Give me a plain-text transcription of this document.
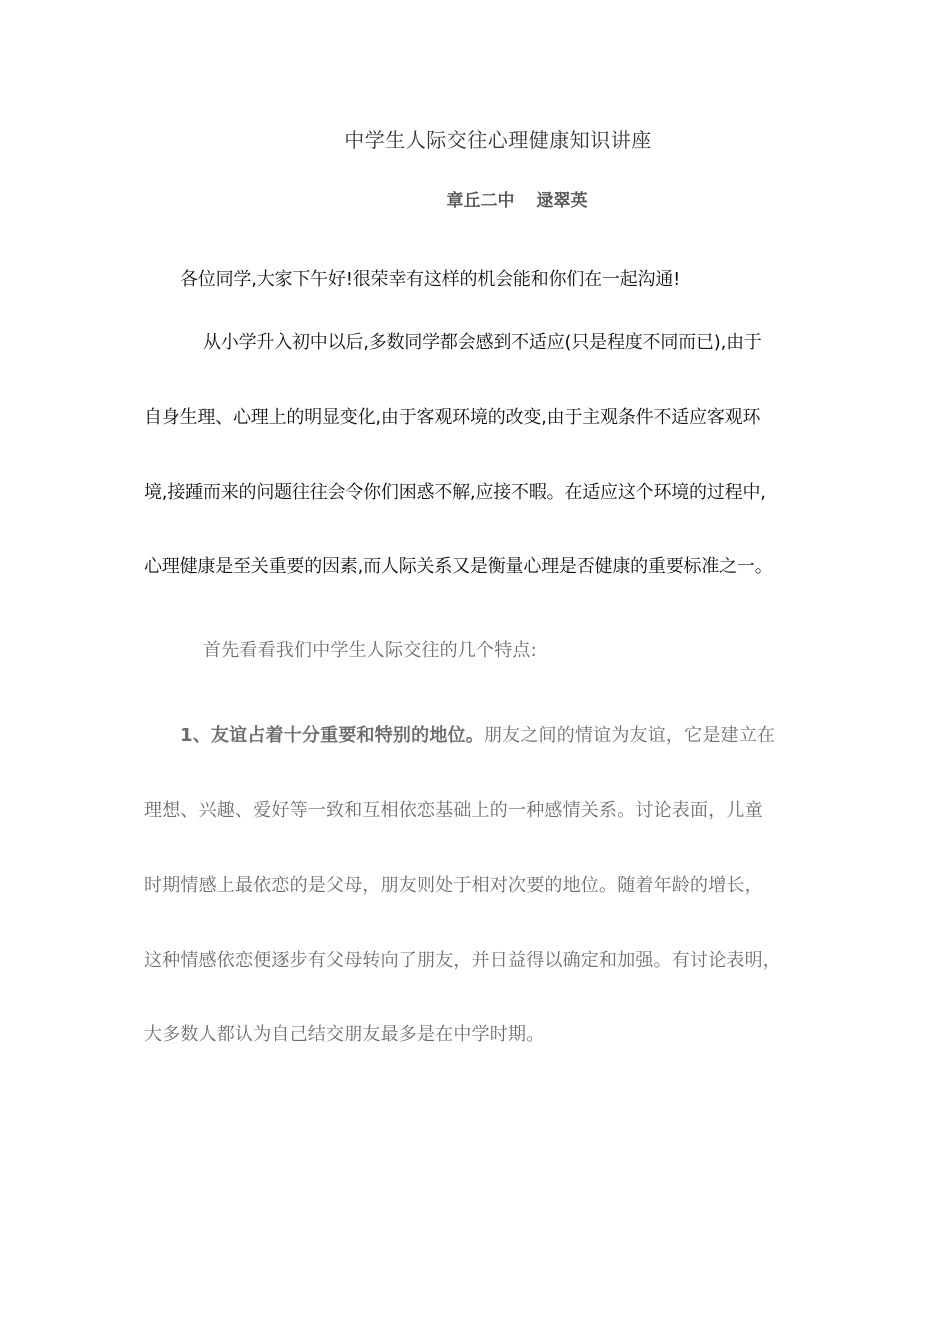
中学生人际交往心理健康知识讲座
章丘二中 逯翠英
各位同学,大家下午好!很荣幸有这样的机会能和你们在一起沟通!
从小学升入初中以后,多数同学都会感到不适应(只是程度不同而已),由于
自身生理、心理上的明显变化,由于客观环境的改变,由于主观条件不适应客观环
境,接踵而来的问题往往会令你们困惑不解,应接不暇。在适应这个环境的过程中,
心理健康是至关重要的因素,而人际关系又是衡量心理是否健康的重要标准之一。
首先看看我们中学生人际交往的几个特点:
1、友谊占着十分重要和特别的地位。朋友之间的情谊为友谊，它是建立在
理想、兴趣、爱好等一致和互相依恋基础上的一种感情关系。讨论表面，儿童
时期情感上最依恋的是父母，朋友则处于相对次要的地位。随着年龄的增长，
这种情感依恋便逐步有父母转向了朋友，并日益得以确定和加强。有讨论表明，
大多数人都认为自己结交朋友最多是在中学时期。
